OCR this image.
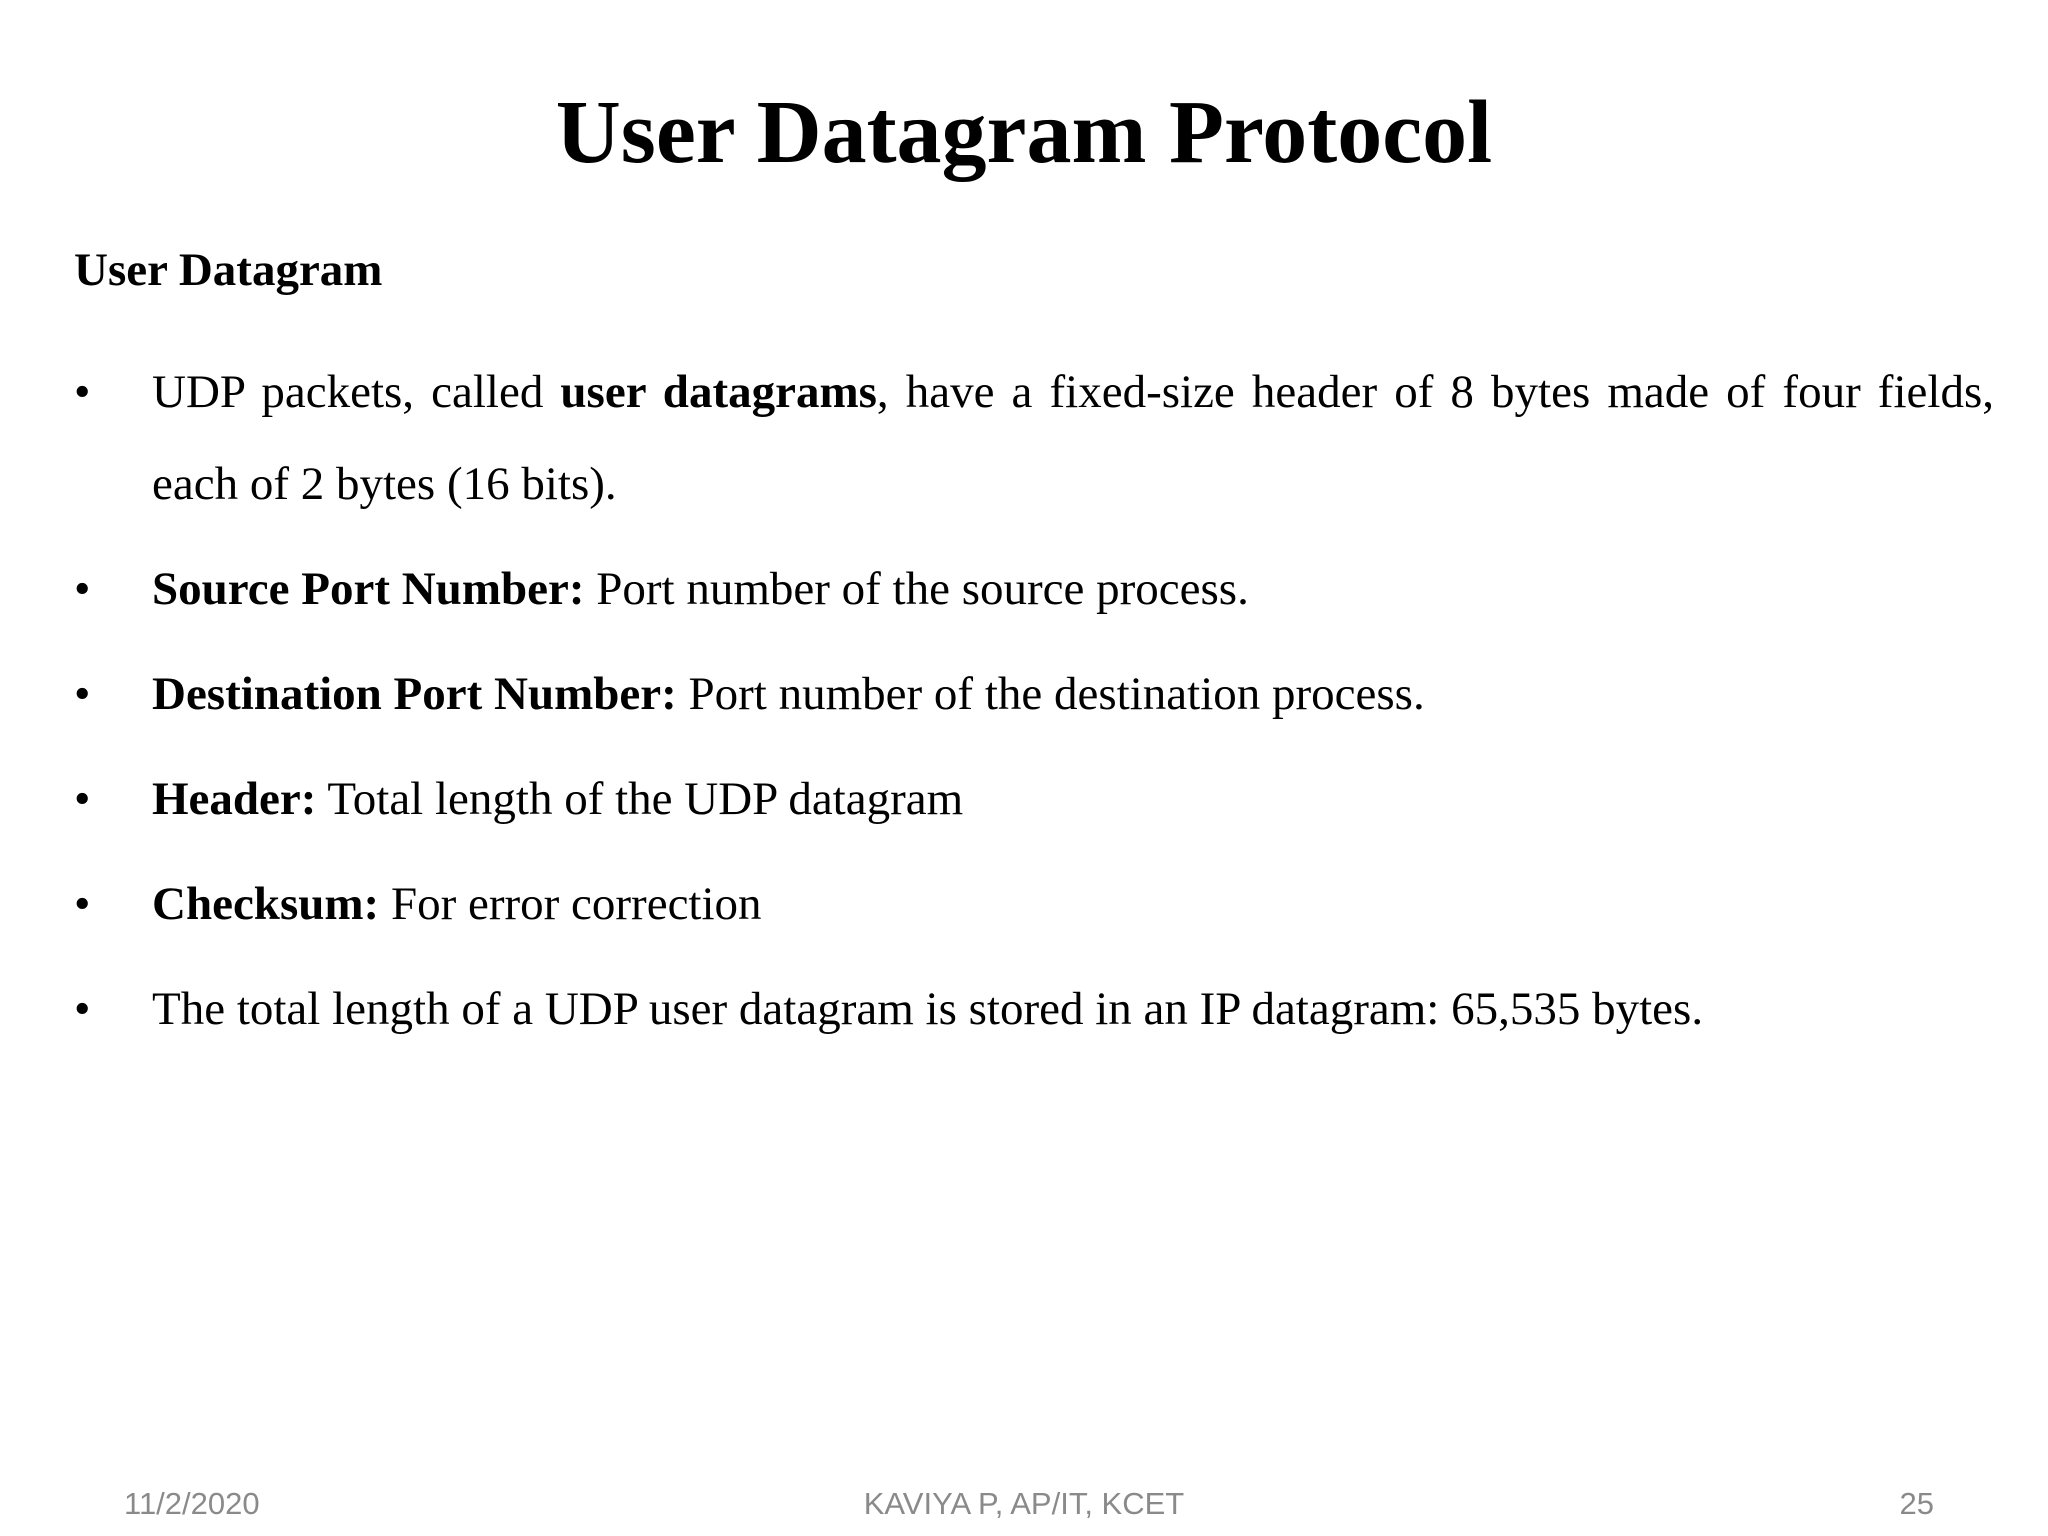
User Datagram Protocol
User Datagram
•	UDP packets, called user datagrams, have a fixed-size header of 8 bytes made of four fields, each of 2 bytes (16 bits).
•	Source Port Number: Port number of the source process.
•	Destination Port Number: Port number of the destination process.
•	Header: Total length of the UDP datagram
•	Checksum: For error correction
•	The total length of a UDP user datagram is stored in an IP datagram: 65,535 bytes.
11/2/2020	KAVIYA P, AP/IT, KCET	25
